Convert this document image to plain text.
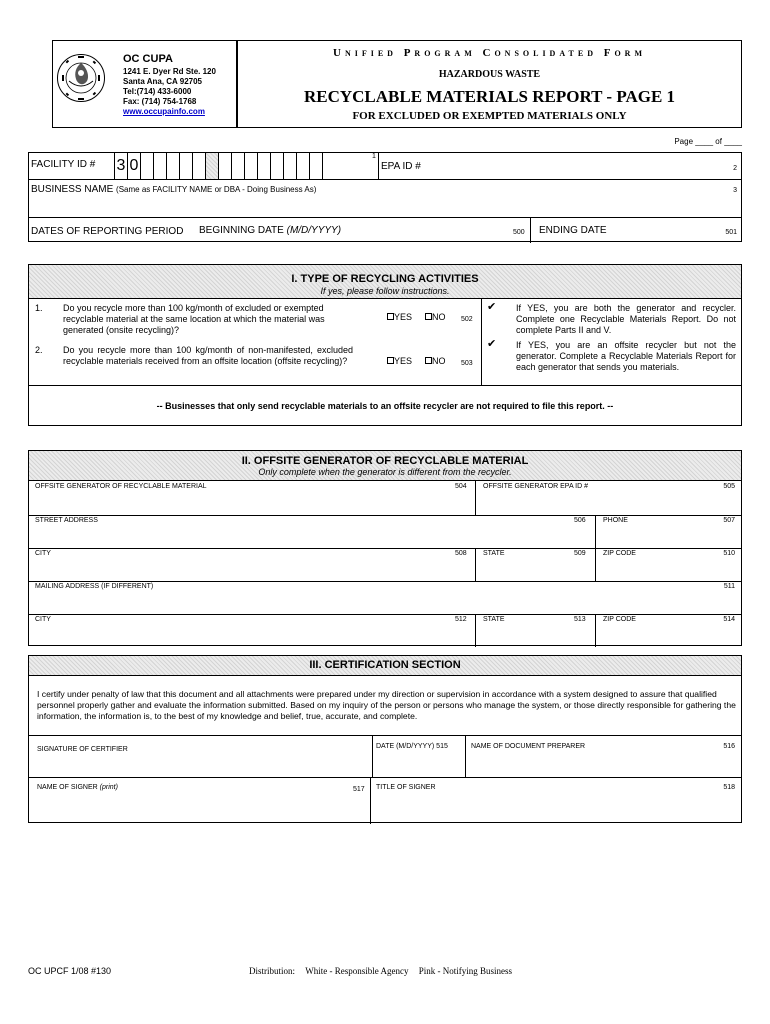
OC CUPA
1241 E. Dyer Rd Ste. 120
Santa Ana, CA 92705
Tel:(714) 433-6000
Fax: (714) 754-1768
www.occupainfo.com
Unified Program Consolidated Form
HAZARDOUS WASTE
RECYCLABLE MATERIALS REPORT - PAGE 1
FOR EXCLUDED OR EXEMPTED MATERIALS ONLY
Page ____ of ____
FACILITY ID # 3 0
1
EPA ID #	2
BUSINESS NAME (Same as FACILITY NAME or DBA - Doing Business As)	3
DATES OF REPORTING PERIOD BEGINNING DATE (M/D/YYYY)	500 ENDING DATE	501
I. TYPE OF RECYCLING ACTIVITIES
If yes, please follow instructions.
1. Do you recycle more than 100 kg/month of excluded or exempted recyclable material at the same location at which the material was generated (onsite recycling)?
YES	NO 502
✔ If YES, you are both the generator and recycler. Complete one Recyclable Materials Report. Do not complete Parts II and V.
2. Do you recycle more than 100 kg/month of non-manifested, excluded recyclable materials received from an offsite location (offsite recycling)?	YES	NO 503
✔ If YES, you are an offsite recycler but not the generator. Complete a Recyclable Materials Report for each generator that sends you materials.
-- Businesses that only send recyclable materials to an offsite recycler are not required to file this report. --
II. OFFSITE GENERATOR OF RECYCLABLE MATERIAL
Only complete when the generator is different from the recycler.
OFFSITE GENERATOR OF RECYCLABLE MATERIAL	504 OFFSITE GENERATOR EPA ID #	505
STREET ADDRESS	506 PHONE	507
CITY	508 STATE	509 ZIP CODE	510
MAILING ADDRESS (IF DIFFERENT)	511
CITY	512 STATE	513 ZIP CODE	514
III. CERTIFICATION SECTION
I certify under penalty of law that this document and all attachments were prepared under my direction or supervision in accordance with a system designed to assure that qualified personnel properly gather and evaluate the information submitted. Based on my inquiry of the person or persons who manage the system, or those directly responsible for gathering the information, the information is, to the best of my knowledge and belief, true, accurate, and complete.
SIGNATURE OF CERTIFIER	DATE (M/D/YYYY) 515	NAME OF DOCUMENT PREPARER	516
NAME OF SIGNER (print)	517 TITLE OF SIGNER	518
OC UPCF 1/08 #130	Distribution: White - Responsible Agency Pink - Notifying Business
